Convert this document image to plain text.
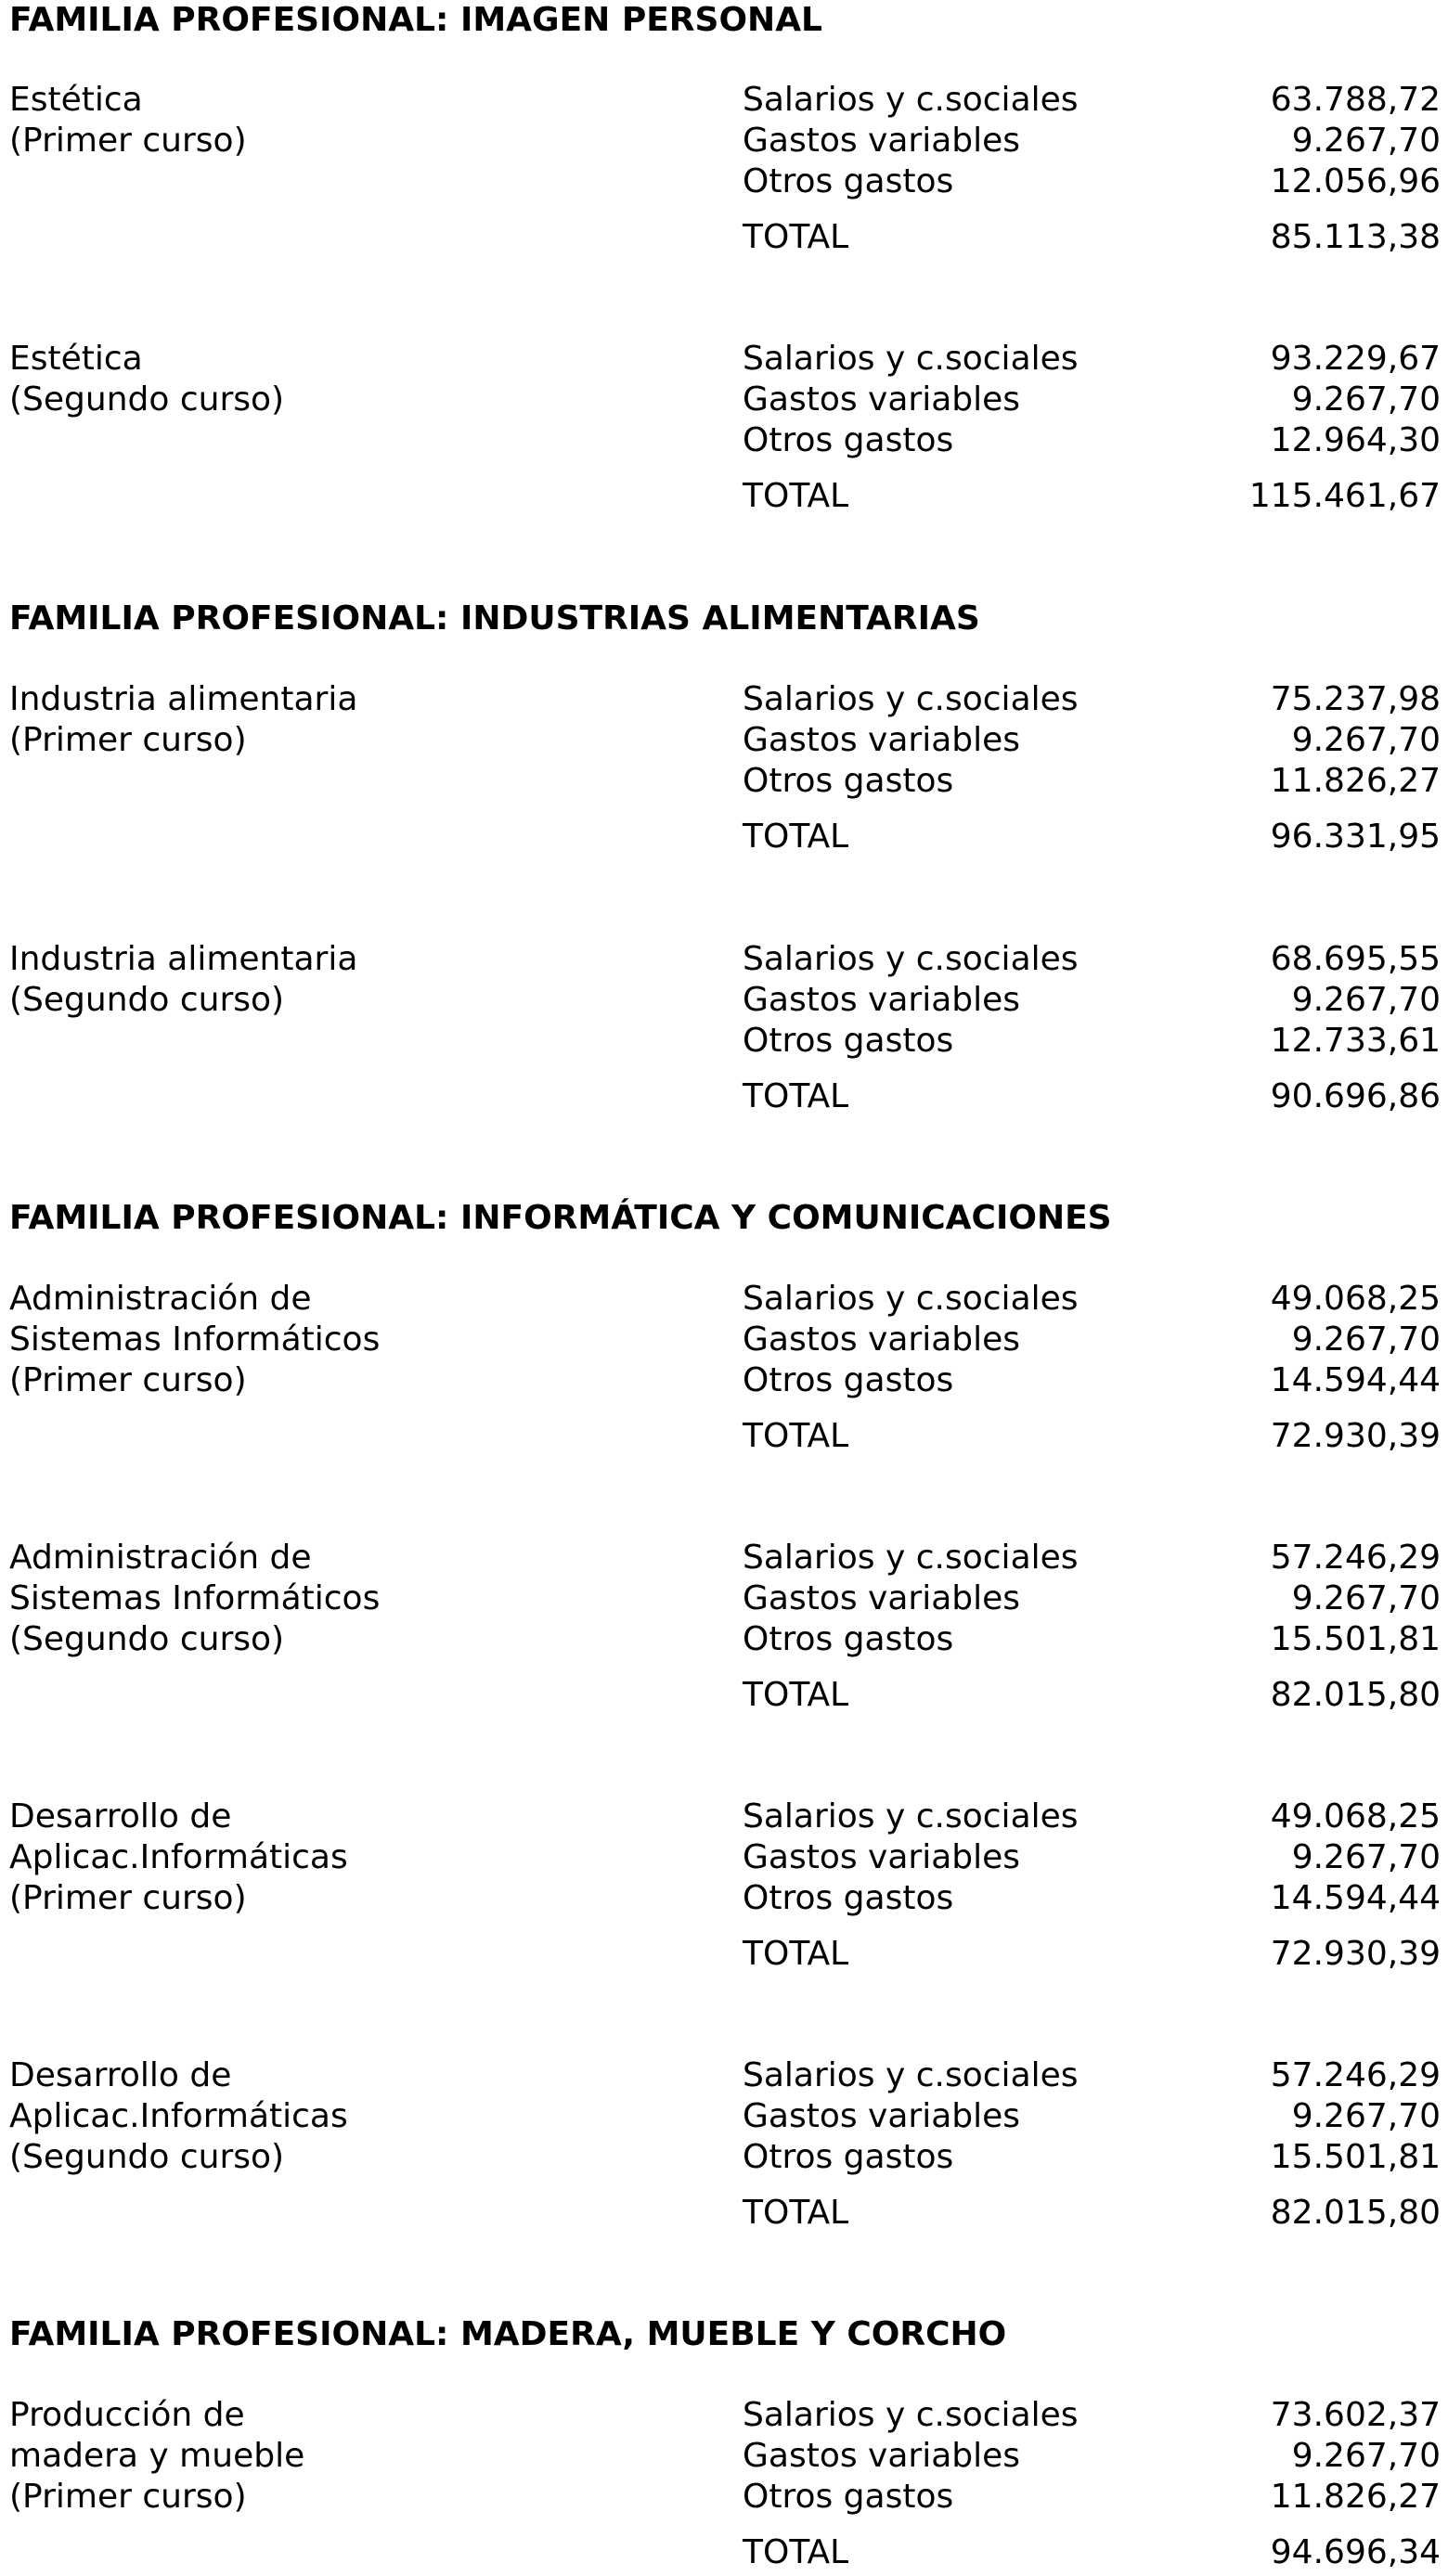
FAMILIA PROFESIONAL: IMAGEN PERSONAL
Estética
(Primer curso)
Salarios y c.sociales	63.788,72
Gastos variables	9.267,70
Otros gastos	12.056,96
TOTAL	85.113,38
Estética
(Segundo curso)
Salarios y c.sociales	93.229,67
Gastos variables	9.267,70
Otros gastos	12.964,30
TOTAL	115.461,67
FAMILIA PROFESIONAL: INDUSTRIAS ALIMENTARIAS
Industria alimentaria
(Primer curso)
Salarios y c.sociales	75.237,98
Gastos variables	9.267,70
Otros gastos	11.826,27
TOTAL	96.331,95
Industria alimentaria
(Segundo curso)
Salarios y c.sociales	68.695,55
Gastos variables	9.267,70
Otros gastos	12.733,61
TOTAL	90.696,86
FAMILIA PROFESIONAL: INFORMÁTICA Y COMUNICACIONES
Administración de
Sistemas Informáticos
(Primer curso)
Salarios y c.sociales	49.068,25
Gastos variables	9.267,70
Otros gastos	14.594,44
TOTAL	72.930,39
Administración de
Sistemas Informáticos
(Segundo curso)
Salarios y c.sociales	57.246,29
Gastos variables	9.267,70
Otros gastos	15.501,81
TOTAL	82.015,80
Desarrollo de
Aplicac.Informáticas
(Primer curso)
Salarios y c.sociales	49.068,25
Gastos variables	9.267,70
Otros gastos	14.594,44
TOTAL	72.930,39
Desarrollo de
Aplicac.Informáticas
(Segundo curso)
Salarios y c.sociales	57.246,29
Gastos variables	9.267,70
Otros gastos	15.501,81
TOTAL	82.015,80
FAMILIA PROFESIONAL: MADERA, MUEBLE Y CORCHO
Producción de
madera y mueble
(Primer curso)
Salarios y c.sociales	73.602,37
Gastos variables	9.267,70
Otros gastos	11.826,27
TOTAL	94.696,34
